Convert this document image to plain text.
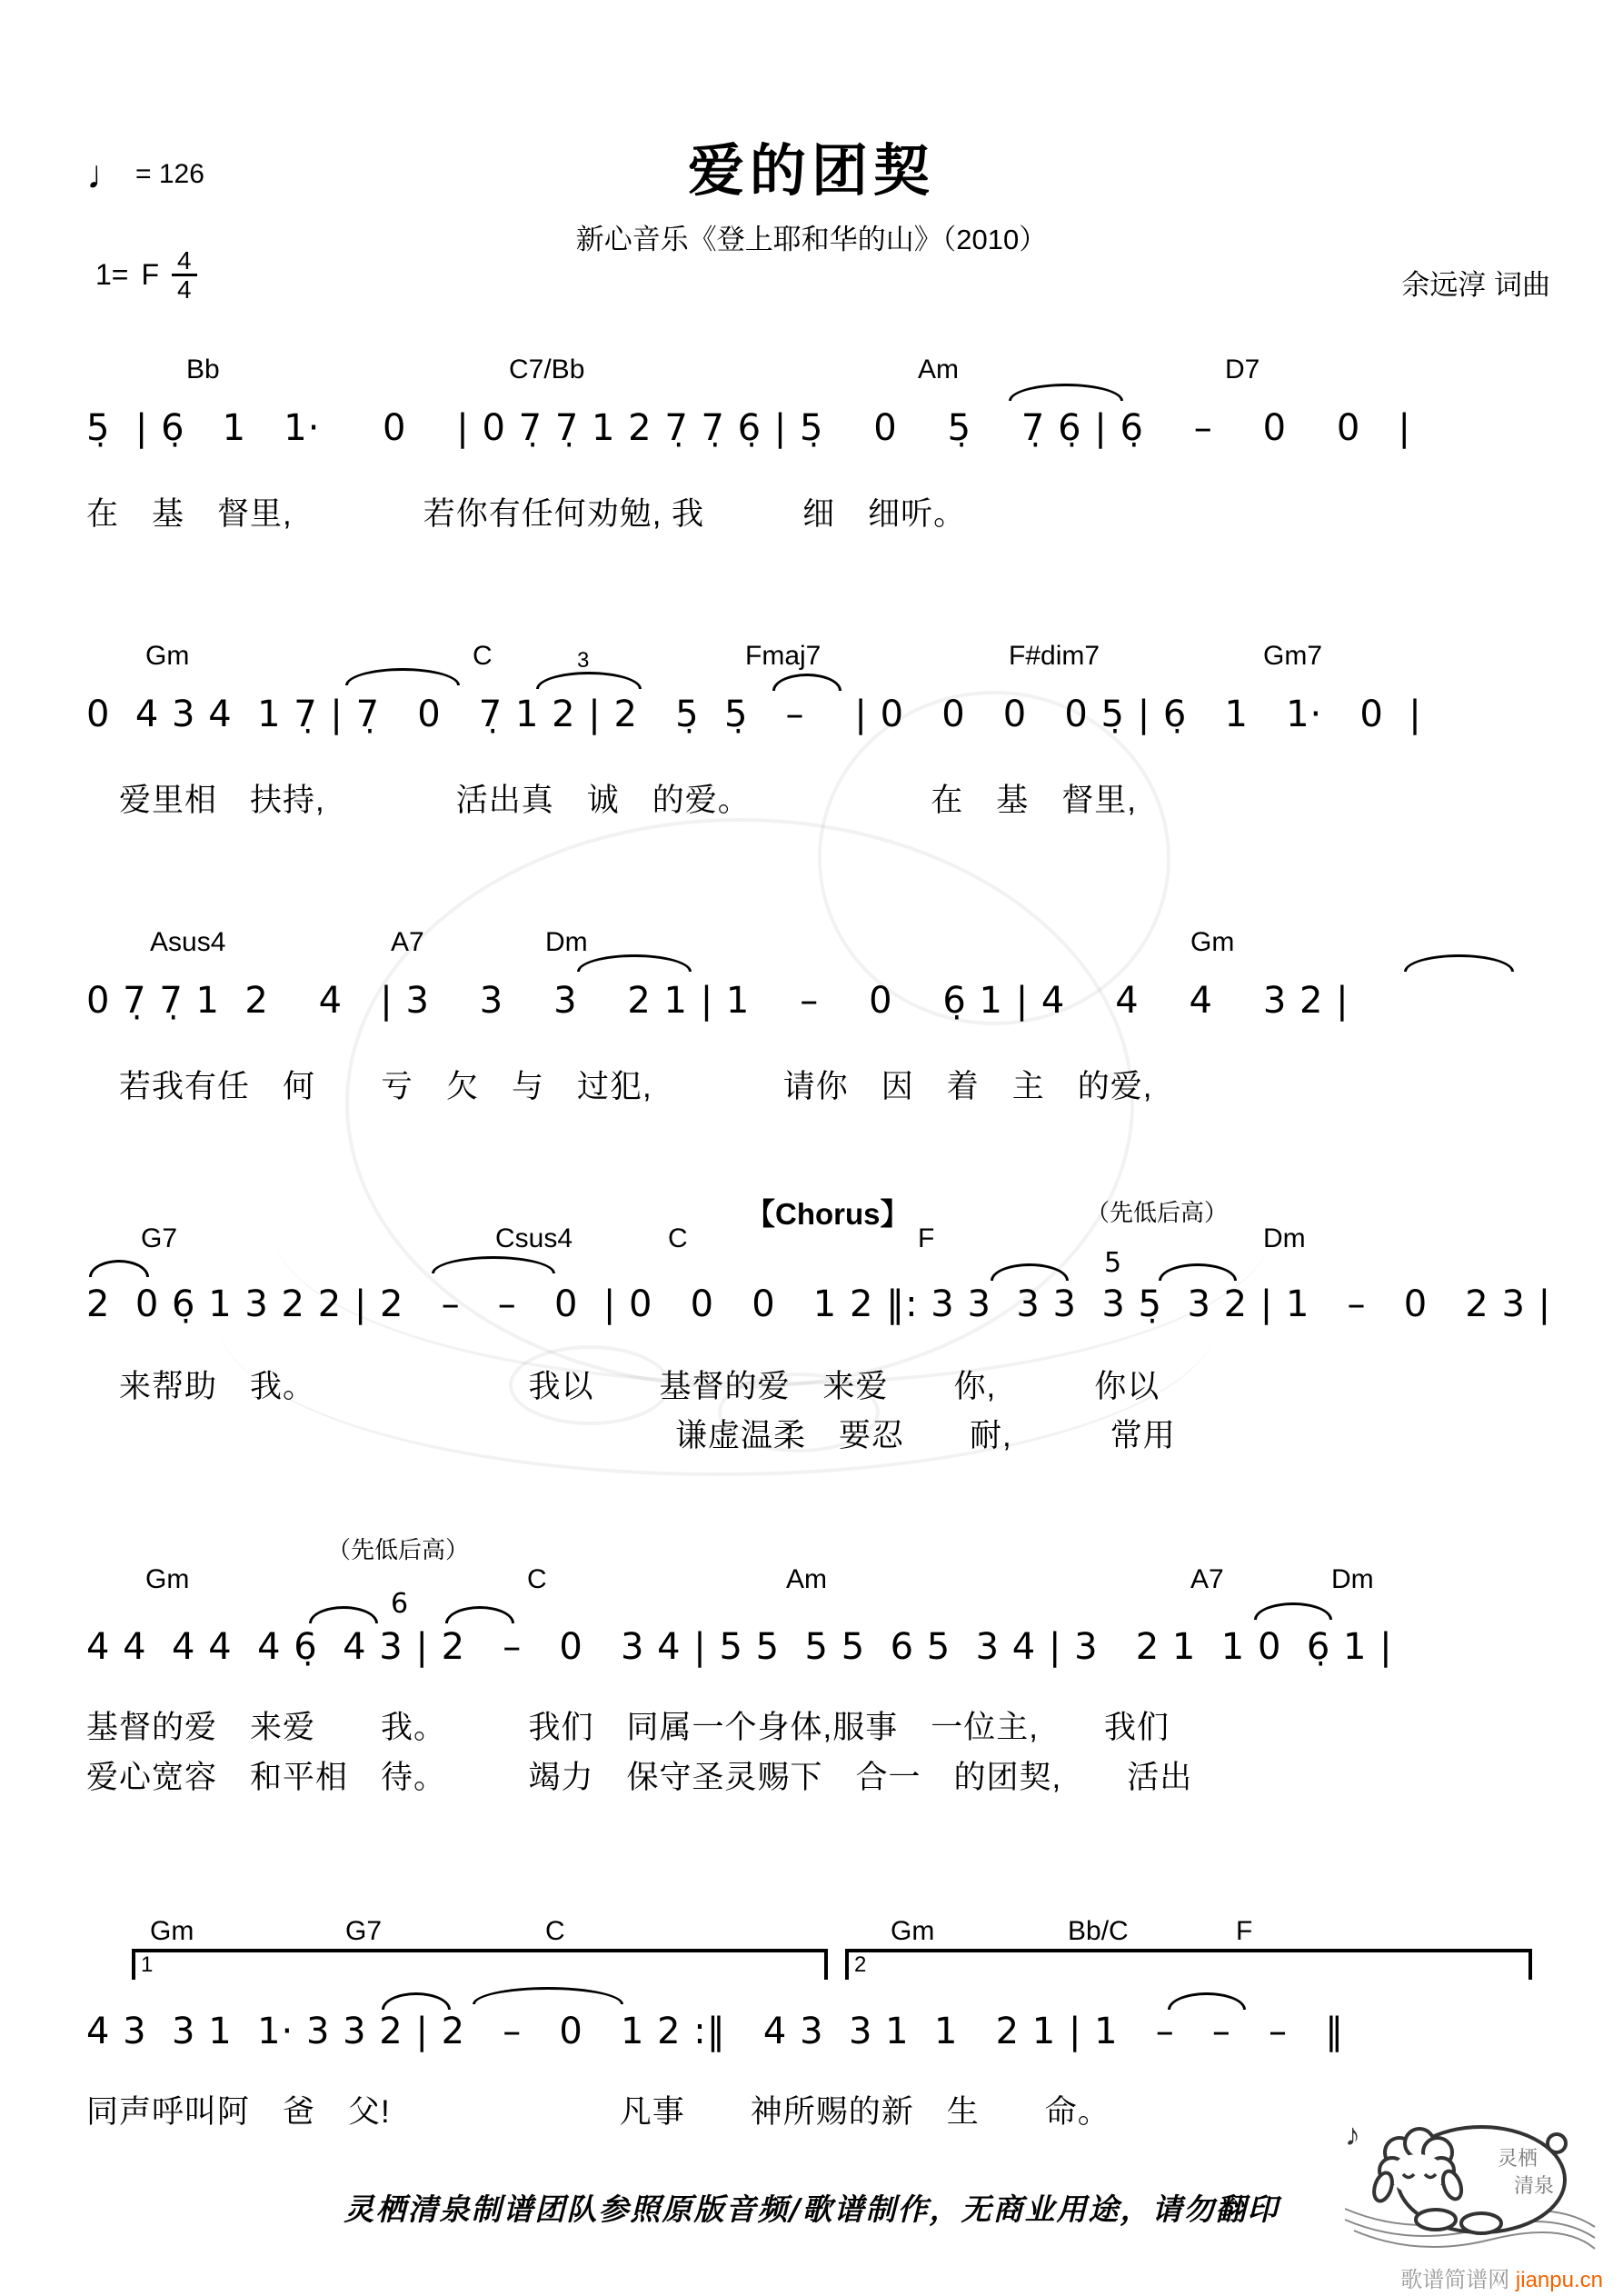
♩ = 126
1= F $\frac{4}{4}$
爱的团契
新心音乐《登上耶和华的山》（2010）
余远淳 词曲
Bb	C7/Bb	Am	D7
5̣  | 6̣   1   1·     0    | 0 7̣ 7̣ 1 2 7̣ 7̣ 6̣ | 5̣    0    5̣    7̣ 6̣ | 6̣    –    0    0   |
在　基　督里,　　　　若你有任何劝勉, 我　　　细　细听。
Gm	C	Fmaj7	F#dim7	Gm7
3
0  4 3 4  1 7̣ | 7̣   0   7̣ 1 2 | 2   5̣  5̣   –    | 0   0   0   0 5̣ | 6̣   1   1·   0  |
　爱里相　扶持,　　　　活出真　诚　的爱。　　　　　　在　基　督里,
Asus4	A7	Dm	Gm
0 7̣ 7̣ 1  2    4   | 3    3    3    2 1 | 1    –    0    6̣ 1 | 4    4    4    3 2 |
　若我有任　何　　亏　欠　与　过犯,　　　　请你　因　着　主　的爱,
【Chorus】	（先低后高）
G7	Csus4	C	F	Dm
5
2  0 6̣ 1 3 2 2 | 2   –   –   0  | 0   0   0   1 2 ‖: 3 3  3 3  3 5̣  3 2 | 1   –   0   2 3 |
　来帮助　我。　　　　　　　我以　　基督的爱　来爱　　你,　　　你以
　　　　　　　　　　　　　　　　　　谦虚温柔　要忍　　耐,　　　常用
（先低后高）
Gm	C	Am	A7	Dm
6
4 4  4 4  4 6̣  4 3 | 2   –   0   3 4 | 5 5  5 5  6 5  3 4 | 3   2 1  1 0  6̣ 1 |
基督的爱　来爱　　我。　　　我们　同属一个身体,服事　一位主,　　我们
爱心宽容　和平相　待。　　　竭力　保守圣灵赐下　合一　的团契,　　活出
Gm	G7	C	Gm	Bb/C	F
1	2
4 3  3 1  1· 3 3 2 | 2   –   0   1 2 :‖   4 3  3 1  1   2 1 | 1   –   –   –   ‖
同声呼叫阿　爸　父!　　　　　　　凡事　　神所赐的新　生　　命。
灵栖清泉制谱团队参照原版音频/歌谱制作，无商业用途，请勿翻印
♪
灵栖
清泉
歌谱简谱网 jianpu.cn
